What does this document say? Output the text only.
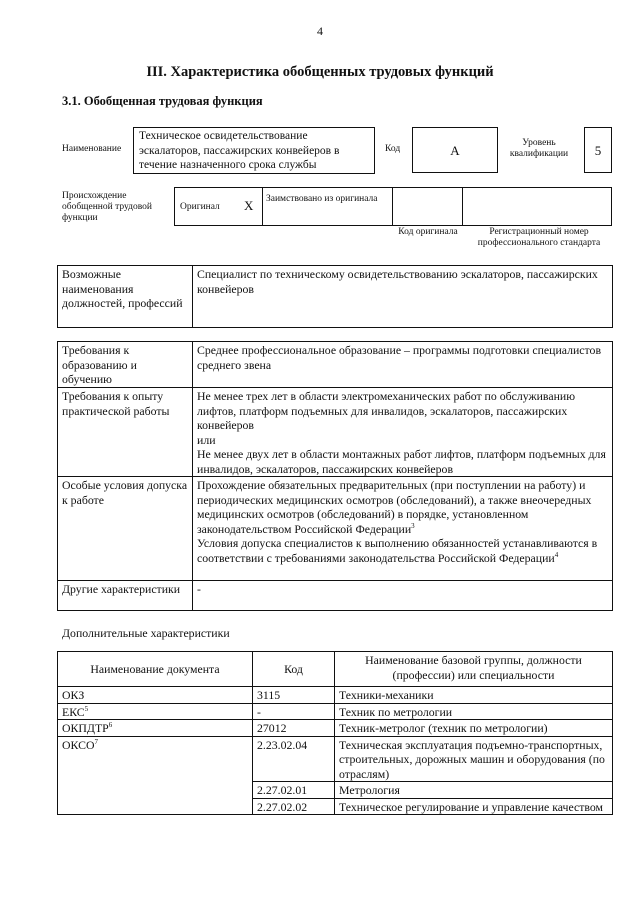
4
III. Характеристика обобщенных трудовых функций
3.1. Обобщенная трудовая функция
Наименование
Техническое освидетельствование эскалаторов, пассажирских конвейеров в течение назначенного срока службы
Код	A	Уровень квалификации	5
Происхождение обобщенной трудовой функции
Оригинал X Заимствовано из оригинала
Код оригинала	Регистрационный номер профессионального стандарта
Возможные наименования должностей, профессий	Специалист по техническому освидетельствованию эскалаторов, пассажирских конвейеров
Требования к образованию и обучению	Среднее профессиональное образование – программы подготовки специалистов среднего звена
Требования к опыту практической работы	Не менее трех лет в области электромеханических работ по обслуживанию лифтов, платформ подъемных для инвалидов, эскалаторов, пассажирских конвейеров
или
Не менее двух лет в области монтажных работ лифтов, платформ подъемных для инвалидов, эскалаторов, пассажирских конвейеров

Особые условия допуска к работе	Прохождение обязательных предварительных (при поступлении на работу) и периодических медицинских осмотров (обследований), а также внеочередных медицинских осмотров (обследований) в порядке, установленном законодательством Российской Федерации$^3$
Условия допуска специалистов к выполнению обязанностей устанавливаются в соответствии с требованиями законодательства Российской Федерации$^4$

Другие характеристики	-
Дополнительные характеристики
Наименование документа	Код	Наименование базовой группы, должности (профессии) или специальности
ОКЗ	3115	Техники-механики
ЕКС$^5$	-	Техник по метрологии
ОКПДТР$^6$	27012	Техник-метролог (техник по метрологии)
ОКСО$^7$	2.23.02.04	Техническая эксплуатация подъемно-транспортных, строительных, дорожных машин и оборудования (по отраслям)
	2.27.02.01	Метрология
	2.27.02.02	Техническое регулирование и управление качеством
